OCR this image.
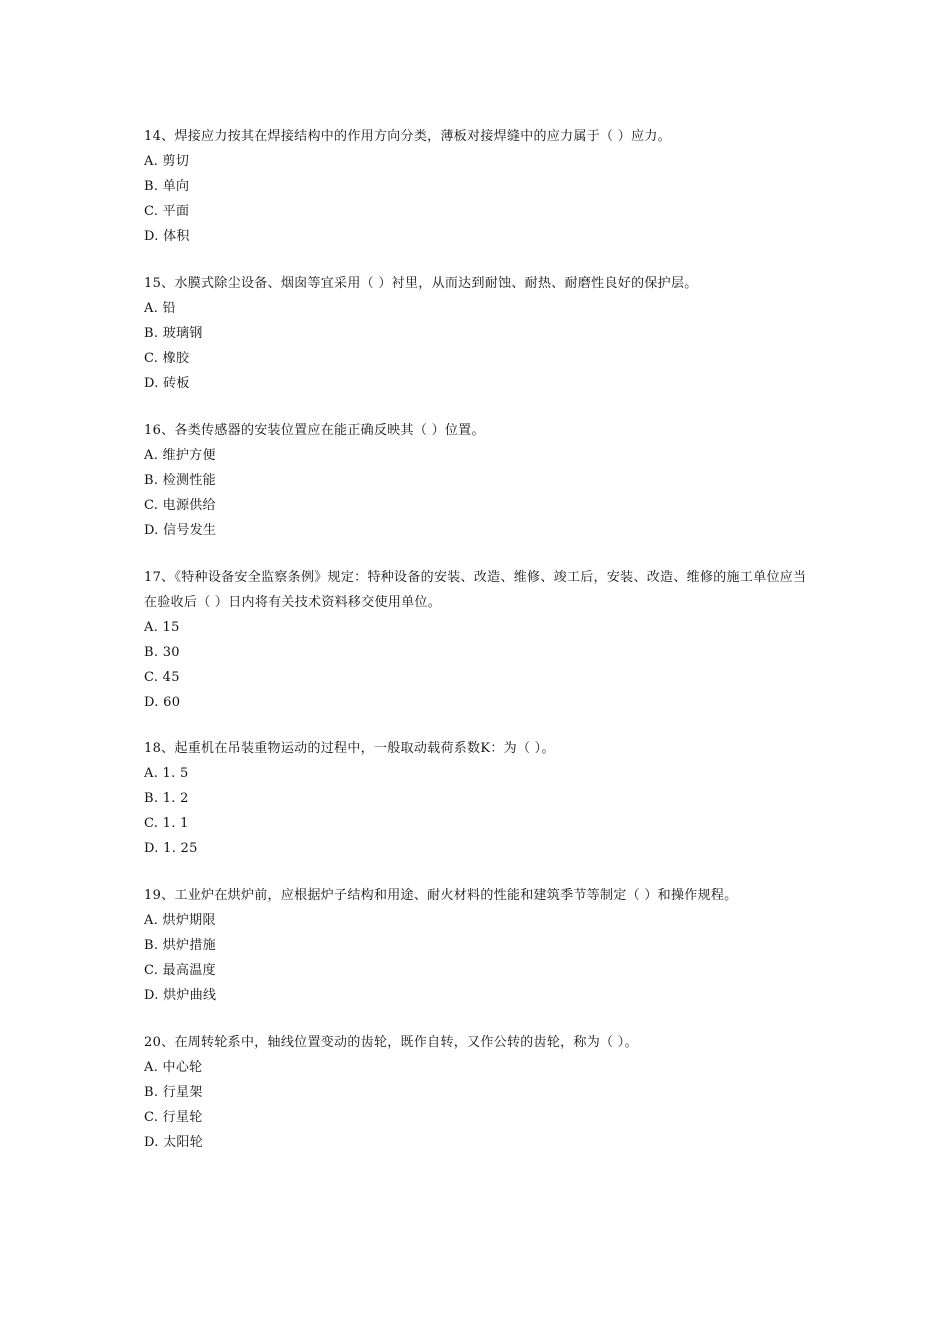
14、焊接应力按其在焊接结构中的作用方向分类，薄板对接焊缝中的应力属于（ ）应力。
A. 剪切
B. 单向
C. 平面
D. 体积
15、水膜式除尘设备、烟囱等宜采用（ ）衬里，从而达到耐蚀、耐热、耐磨性良好的保护层。
A. 铅
B. 玻璃钢
C. 橡胶
D. 砖板
16、各类传感器的安装位置应在能正确反映其（ ）位置。
A. 维护方便
B. 检测性能
C. 电源供给
D. 信号发生
17、《特种设备安全监察条例》规定：特种设备的安装、改造、维修、竣工后，安装、改造、维修的施工单位应当
在验收后（ ）日内将有关技术资料移交使用单位。
A. 15
B. 30
C. 45
D. 60
18、起重机在吊装重物运动的过程中，一般取动载荷系数K：为（ ）。
A. 1. 5
B. 1. 2
C. 1. 1
D. 1. 25
19、工业炉在烘炉前，应根据炉子结构和用途、耐火材料的性能和建筑季节等制定（ ）和操作规程。
A. 烘炉期限
B. 烘炉措施
C. 最高温度
D. 烘炉曲线
20、在周转轮系中，轴线位置变动的齿轮，既作自转，又作公转的齿轮，称为（ ）。
A. 中心轮
B. 行星架
C. 行星轮
D. 太阳轮
